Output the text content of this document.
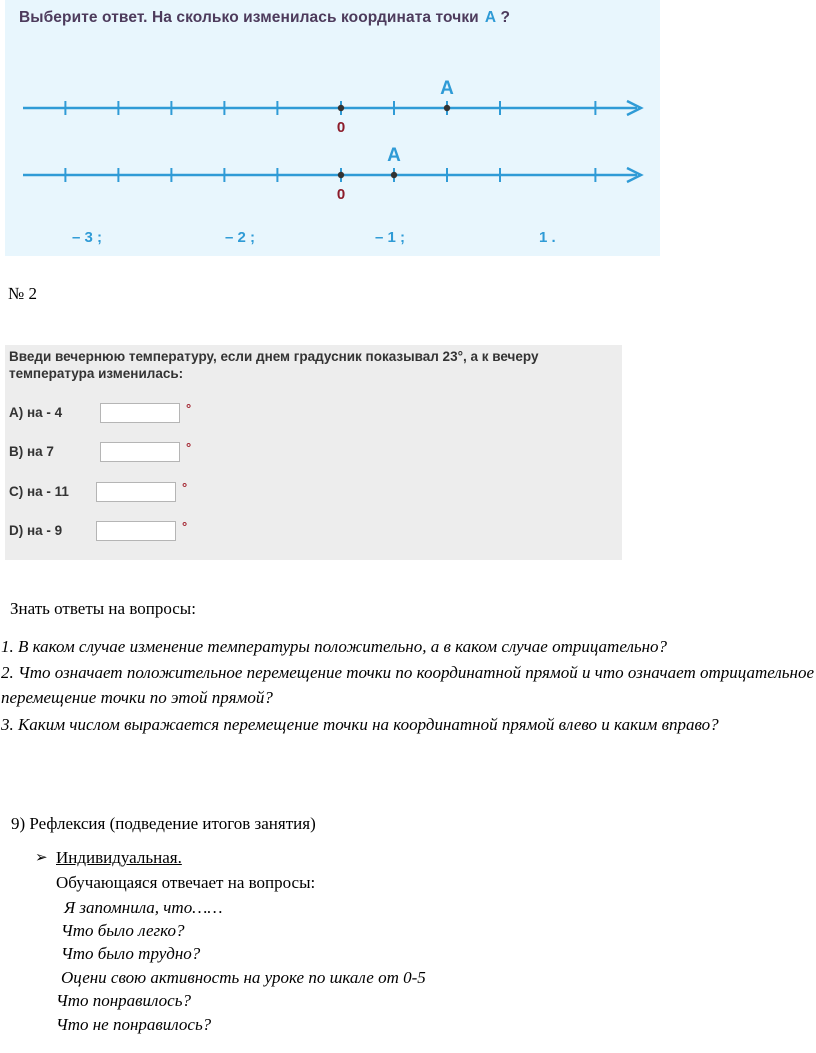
Выберите ответ. На сколько изменилась координата точки А ?
0
А
0
А
– 3 ;	– 2 ;	– 1 ;	1 .
№ 2
Введи вечернюю температуру, если днем градусник показывал 23°, а к вечеру температура изменилась:
A) на - 4	°
B) на 7	°
C) на - 11	°
D) на - 9	°
Знать ответы на вопросы:
1. В каком случае изменение температуры положительно, а в каком случае отрицательно?
2. Что означает положительное перемещение точки по координатной прямой и что означает отрицательное перемещение точки по этой прямой?
3. Каким числом выражается перемещение точки на координатной прямой влево и каким вправо?
9) Рефлексия (подведение итогов занятия)
➢ Индивидуальная.
Обучающаяся отвечает на вопросы:
Я запомнила, что……
Что было легко?
Что было трудно?
Оцени свою активность на уроке по шкале от 0-5
Что понравилось?
Что не понравилось?
